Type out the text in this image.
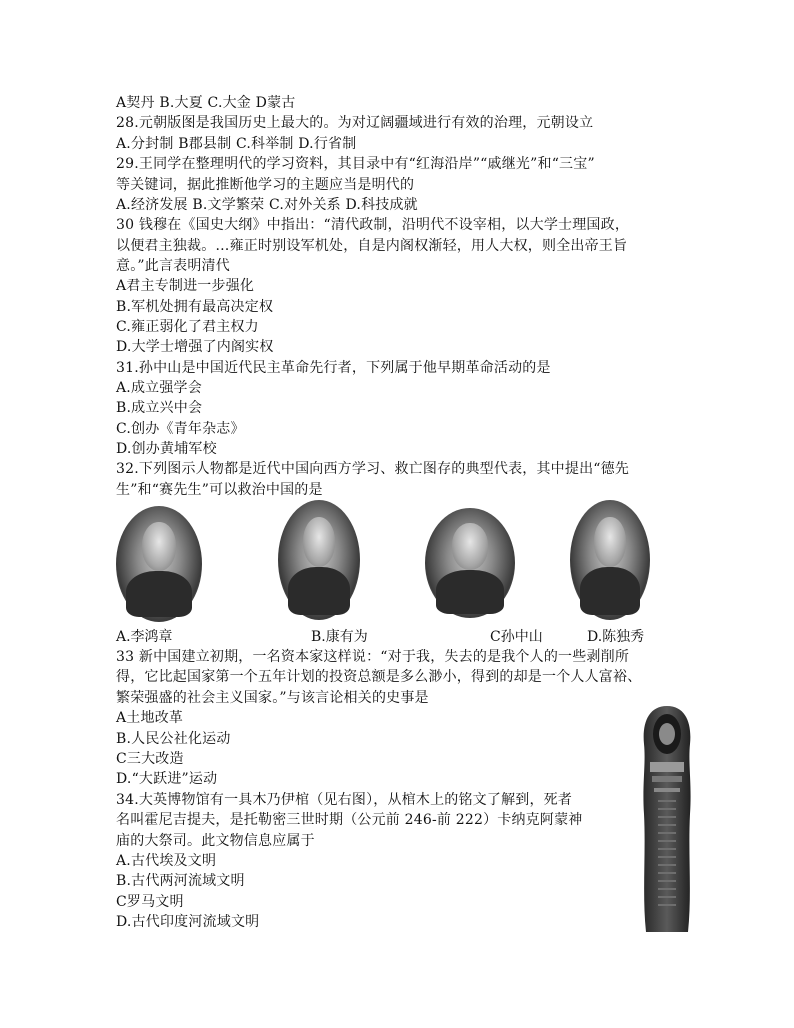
A契丹 B.大夏 C.大金 D蒙古
28.元朝版图是我国历史上最大的。为对辽阔疆域进行有效的治理，元朝设立
A.分封制 B郡县制 C.科举制 D.行省制
29.王同学在整理明代的学习资料，其目录中有“红海沿岸”“戚继光”和“三宝”
等关键词，据此推断他学习的主题应当是明代的
A.经济发展 B.文学繁荣 C.对外关系 D.科技成就
30 钱穆在《国史大纲》中指出：“清代政制，沿明代不设宰相，以大学士理国政，
以便君主独裁。…雍正时别设军机处，自是内阁权渐轻，用人大权，则全出帝王旨
意。”此言表明清代
A君主专制进一步强化
B.军机处拥有最高决定权
C.雍正弱化了君主权力
D.大学士增强了内阁实权
31.孙中山是中国近代民主革命先行者，下列属于他早期革命活动的是
A.成立强学会
B.成立兴中会
C.创办《青年杂志》
D.创办黄埔军校
32.下列图示人物都是近代中国向西方学习、救亡图存的典型代表，其中提出“德先
生”和“赛先生”可以救治中国的是
A.李鸿章	B.康有为	C孙中山	D.陈独秀
33 新中国建立初期，一名资本家这样说：“对于我，失去的是我个人的一些剥削所
得，它比起国家第一个五年计划的投资总额是多么渺小，得到的却是一个人人富裕、
繁荣强盛的社会主义国家。”与该言论相关的史事是
A土地改革
B.人民公社化运动
C三大改造
D.“大跃进”运动
34.大英博物馆有一具木乃伊棺（见右图），从棺木上的铭文了解到，死者
名叫霍尼吉提夫，是托勒密三世时期（公元前 246-前 222）卡纳克阿蒙神
庙的大祭司。此文物信息应属于
A.古代埃及文明
B.古代两河流域文明
C罗马文明
D.古代印度河流域文明
